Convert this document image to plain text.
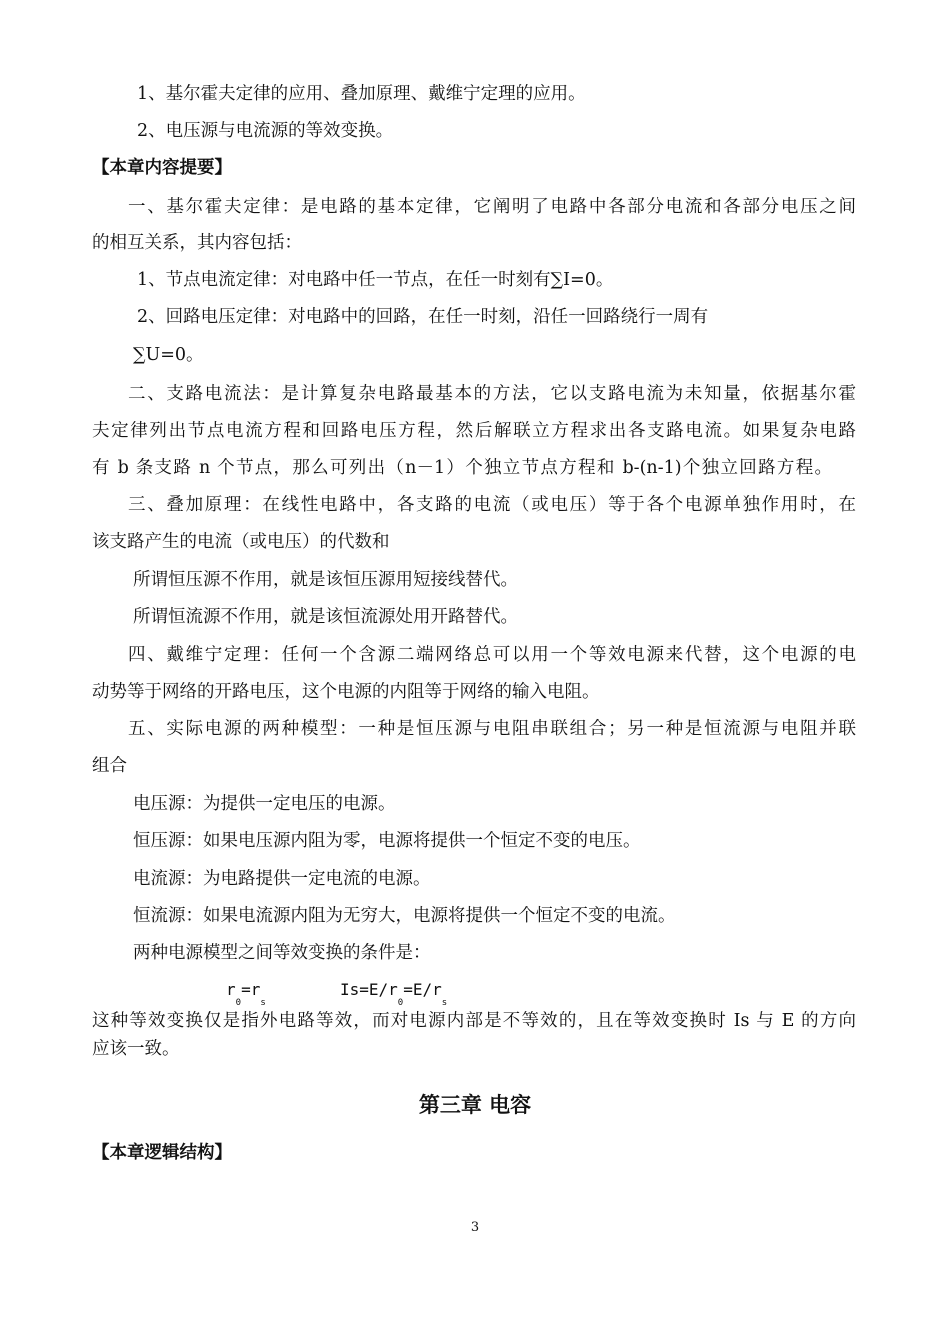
1、基尔霍夫定律的应用、叠加原理、戴维宁定理的应用。
2、电压源与电流源的等效变换。
【本章内容提要】
一、基尔霍夫定律：是电路的基本定律，它阐明了电路中各部分电流和各部分电压之间
的相互关系，其内容包括：
1、节点电流定律：对电路中任一节点，在任一时刻有∑Ⅰ=0。
2、回路电压定律：对电路中的回路，在任一时刻，沿任一回路绕行一周有
∑U=0。
二、支路电流法：是计算复杂电路最基本的方法，它以支路电流为未知量，依据基尔霍
夫定律列出节点电流方程和回路电压方程，然后解联立方程求出各支路电流。如果复杂电路
有 b 条支路 n 个节点，那么可列出（n－1）个独立节点方程和 b-(n-1)个独立回路方程。
三、叠加原理：在线性电路中，各支路的电流（或电压）等于各个电源单独作用时，在
该支路产生的电流（或电压）的代数和
所谓恒压源不作用，就是该恒压源用短接线替代。
所谓恒流源不作用，就是该恒流源处用开路替代。
四、戴维宁定理：任何一个含源二端网络总可以用一个等效电源来代替，这个电源的电
动势等于网络的开路电压，这个电源的内阻等于网络的输入电阻。
五、实际电源的两种模型：一种是恒压源与电阻串联组合；另一种是恒流源与电阻并联
组合
电压源：为提供一定电压的电源。
恒压源：如果电压源内阻为零，电源将提供一个恒定不变的电压。
电流源：为电路提供一定电流的电源。
恒流源：如果电流源内阻为无穷大，电源将提供一个恒定不变的电流。
两种电源模型之间等效变换的条件是：
$r_0=r_s$
$Is=E/r_0=E/r_s$
这种等效变换仅是指外电路等效，而对电源内部是不等效的，且在等效变换时 Is 与 E 的方向
应该一致。
第三章 电容
【本章逻辑结构】
3
